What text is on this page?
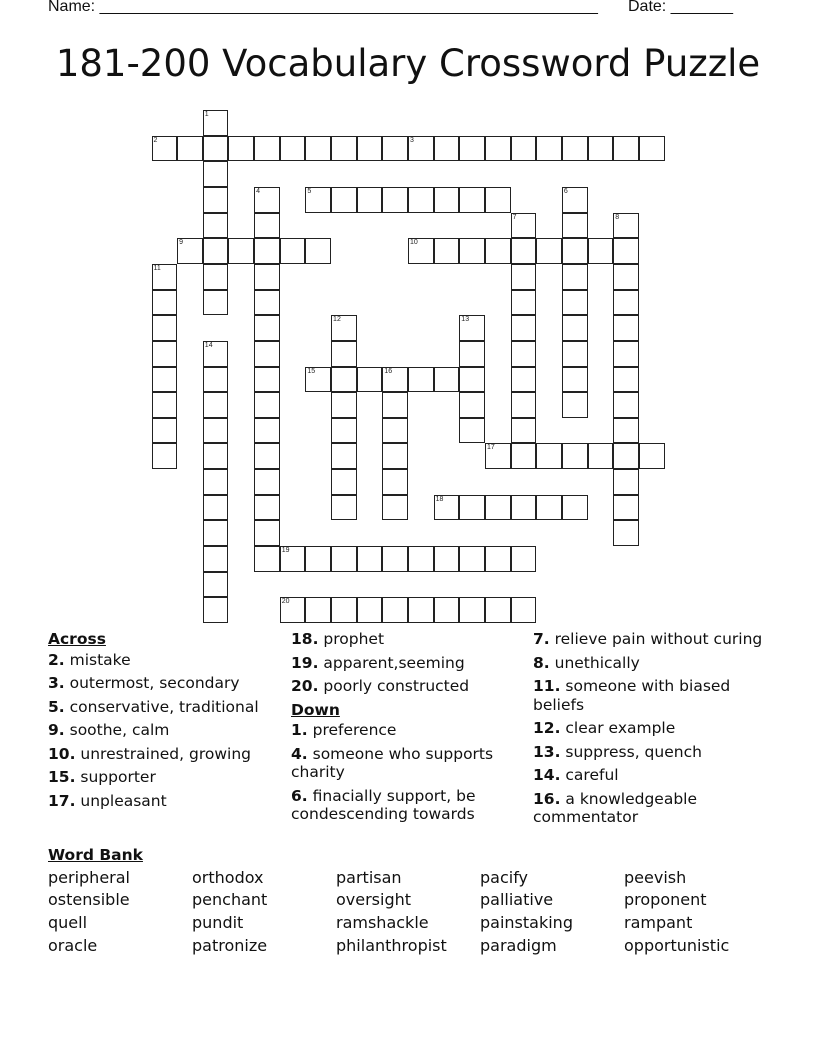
Name: ________________________________________________________ Date: _______
181-200 Vocabulary Crossword Puzzle
1
2	3
4	5	6
7	8
9	10
11
12	13
14
15	16
17
18
19
20
Across
2. mistake
3. outermost, secondary
5. conservative, traditional
9. soothe, calm
10. unrestrained, growing
15. supporter
17. unpleasant
18. prophet
19. apparent,seeming
20. poorly constructed
Down
1. preference
4. someone who supports charity
6. finacially support, be condescending towards
7. relieve pain without curing
8. unethically
11. someone with biased beliefs
12. clear example
13. suppress, quench
14. careful
16. a knowledgeable commentator
Word Bank
peripheral	orthodox	partisan	pacify	peevish
ostensible	penchant	oversight	palliative	proponent
quell	pundit	ramshackle	painstaking	rampant
oracle	patronize	philanthropist paradigm	opportunistic
